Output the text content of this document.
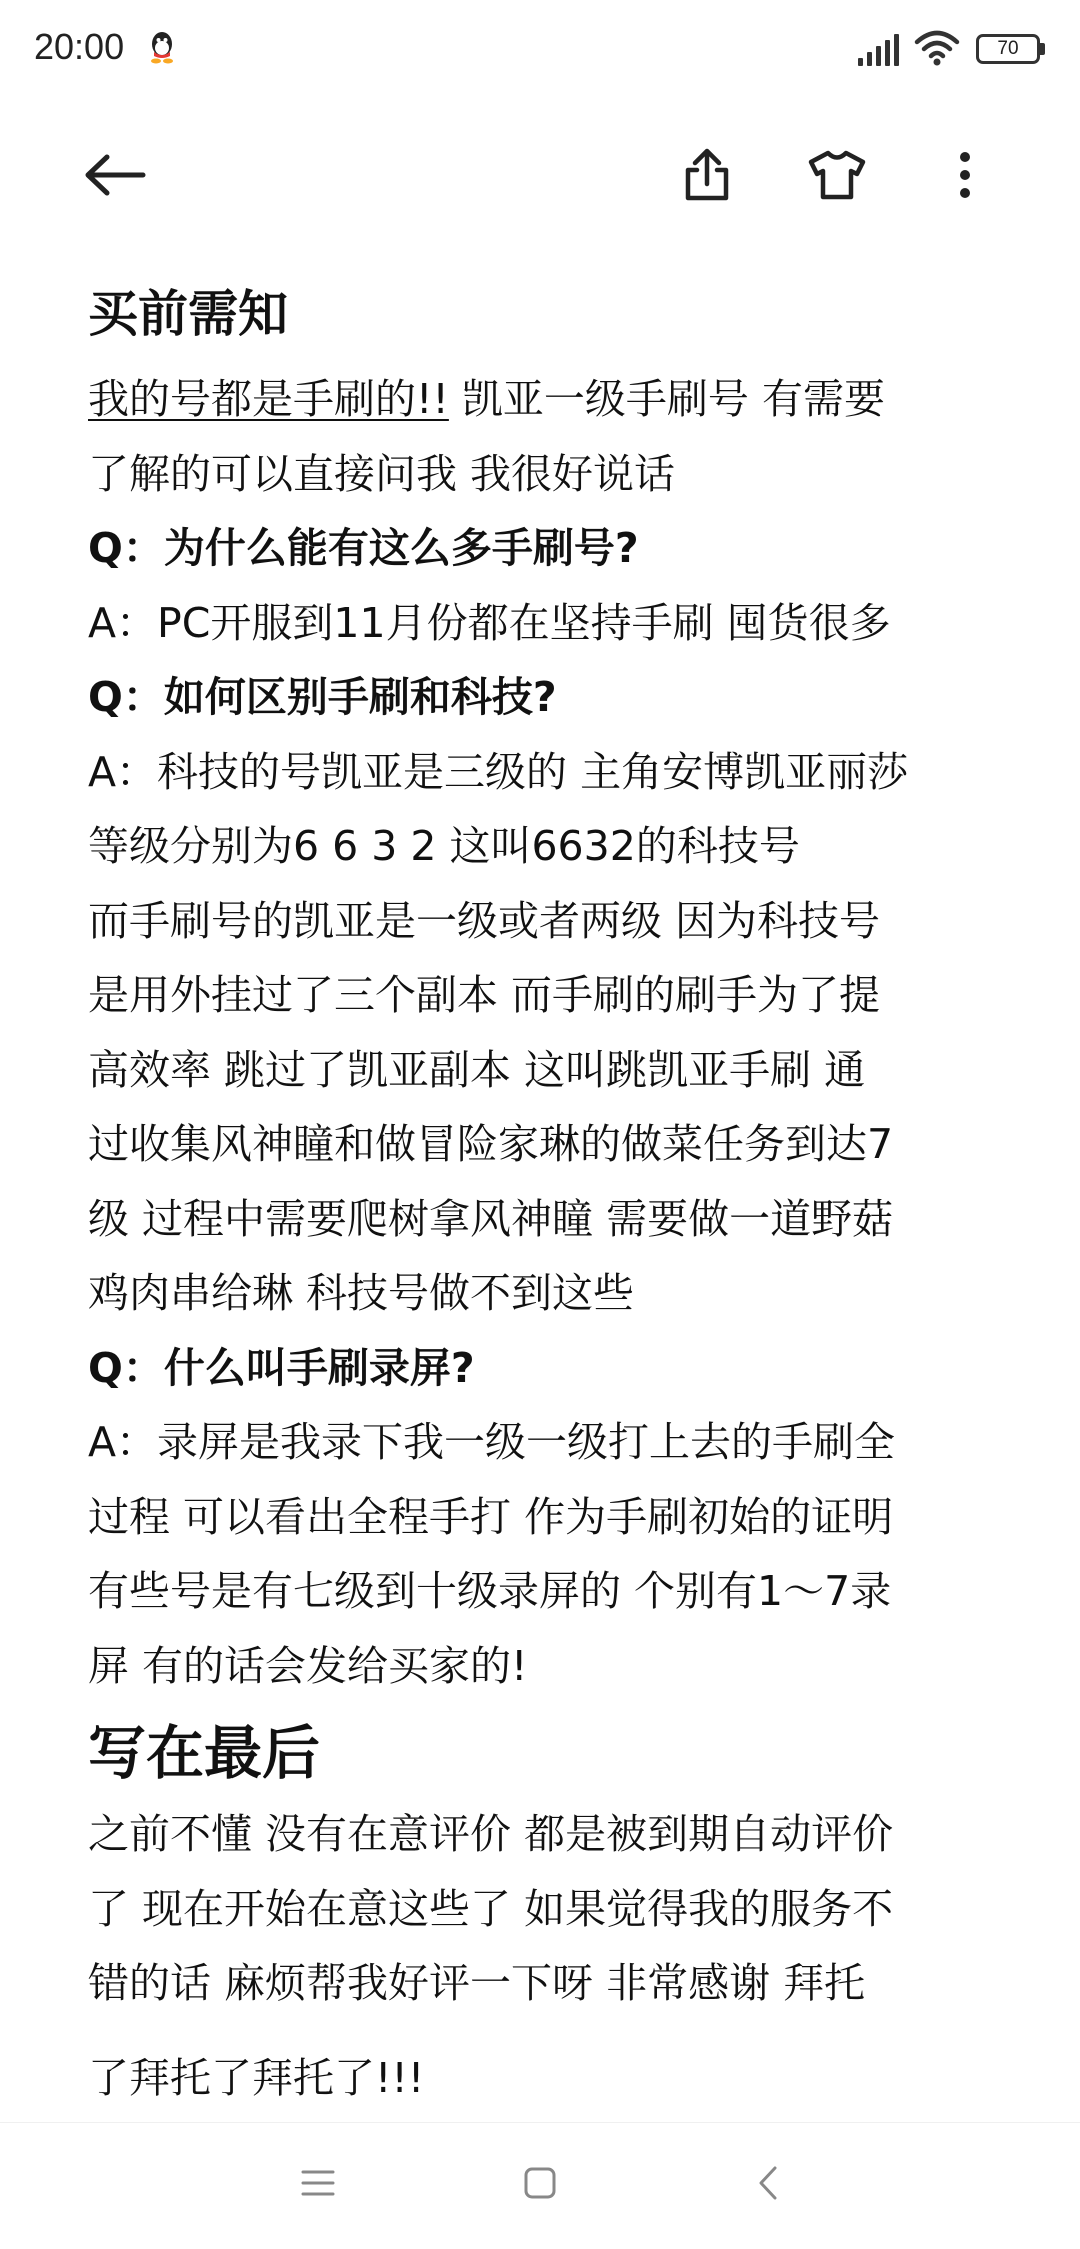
20:00	70
买前需知

我的号都是手刷的!! 凯亚一级手刷号 有需要

了解的可以直接问我 我很好说话

Q：为什么能有这么多手刷号?

A：PC开服到11月份都在坚持手刷 囤货很多

Q：如何区别手刷和科技?

A：科技的号凯亚是三级的 主角安博凯亚丽莎

等级分别为6 6 3 2 这叫6632的科技号

而手刷号的凯亚是一级或者两级 因为科技号

是用外挂过了三个副本 而手刷的刷手为了提

高效率 跳过了凯亚副本 这叫跳凯亚手刷 通

过收集风神瞳和做冒险家琳的做菜任务到达7

级 过程中需要爬树拿风神瞳 需要做一道野菇

鸡肉串给琳 科技号做不到这些

Q：什么叫手刷录屏?

A：录屏是我录下我一级一级打上去的手刷全

过程 可以看出全程手打 作为手刷初始的证明

有些号是有七级到十级录屏的 个别有1～7录

屏 有的话会发给买家的!

写在最后

之前不懂 没有在意评价 都是被到期自动评价

了 现在开始在意这些了 如果觉得我的服务不

错的话 麻烦帮我好评一下呀 非常感谢 拜托

了拜托了拜托了!!!
